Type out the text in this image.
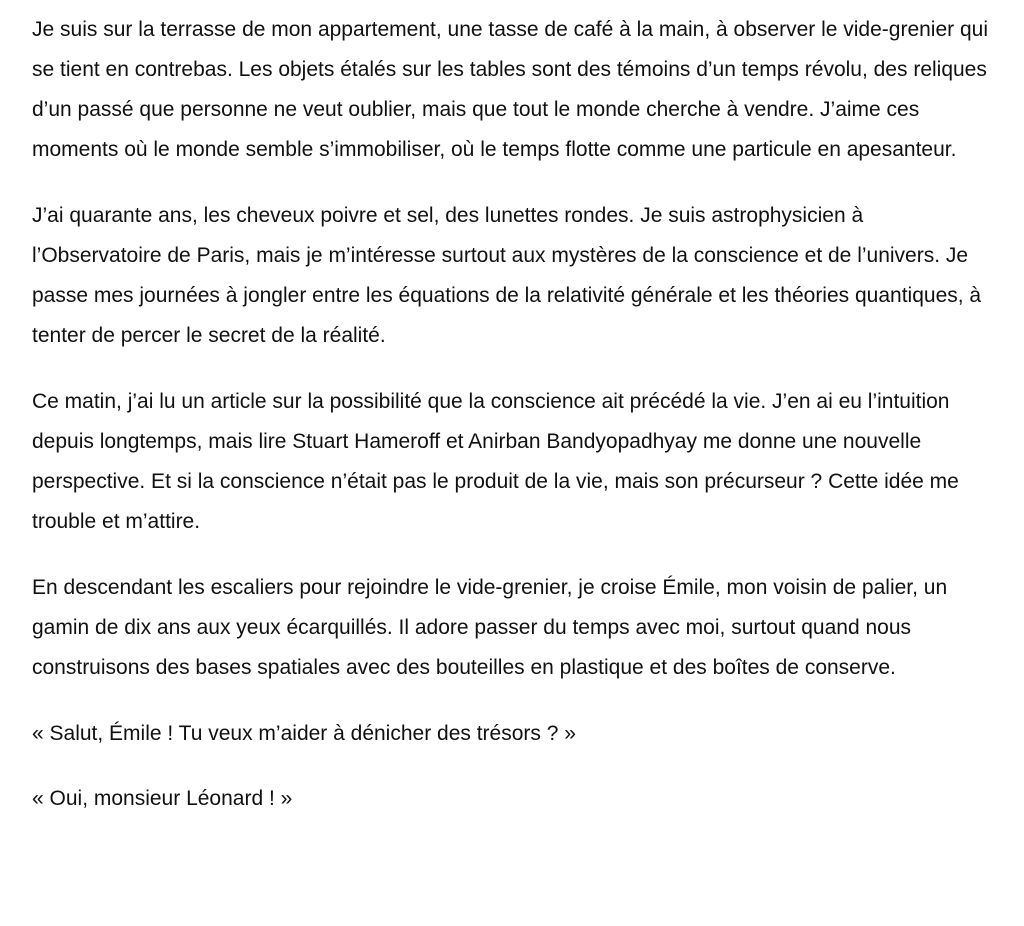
Je suis sur la terrasse de mon appartement, une tasse de café à la main, à observer le vide-grenier qui se tient en contrebas. Les objets étalés sur les tables sont des témoins d’un temps révolu, des reliques d’un passé que personne ne veut oublier, mais que tout le monde cherche à vendre. J’aime ces moments où le monde semble s’immobiliser, où le temps flotte comme une particule en apesanteur.

J’ai quarante ans, les cheveux poivre et sel, des lunettes rondes. Je suis astrophysicien à l’Observatoire de Paris, mais je m’intéresse surtout aux mystères de la conscience et de l’univers. Je passe mes journées à jongler entre les équations de la relativité générale et les théories quantiques, à tenter de percer le secret de la réalité.

Ce matin, j’ai lu un article sur la possibilité que la conscience ait précédé la vie. J’en ai eu l’intuition depuis longtemps, mais lire Stuart Hameroff et Anirban Bandyopadhyay me donne une nouvelle perspective. Et si la conscience n’était pas le produit de la vie, mais son précurseur ? Cette idée me trouble et m’attire.

En descendant les escaliers pour rejoindre le vide-grenier, je croise Émile, mon voisin de palier, un gamin de dix ans aux yeux écarquillés. Il adore passer du temps avec moi, surtout quand nous construisons des bases spatiales avec des bouteilles en plastique et des boîtes de conserve.

« Salut, Émile ! Tu veux m’aider à dénicher des trésors ? »

« Oui, monsieur Léonard ! »
